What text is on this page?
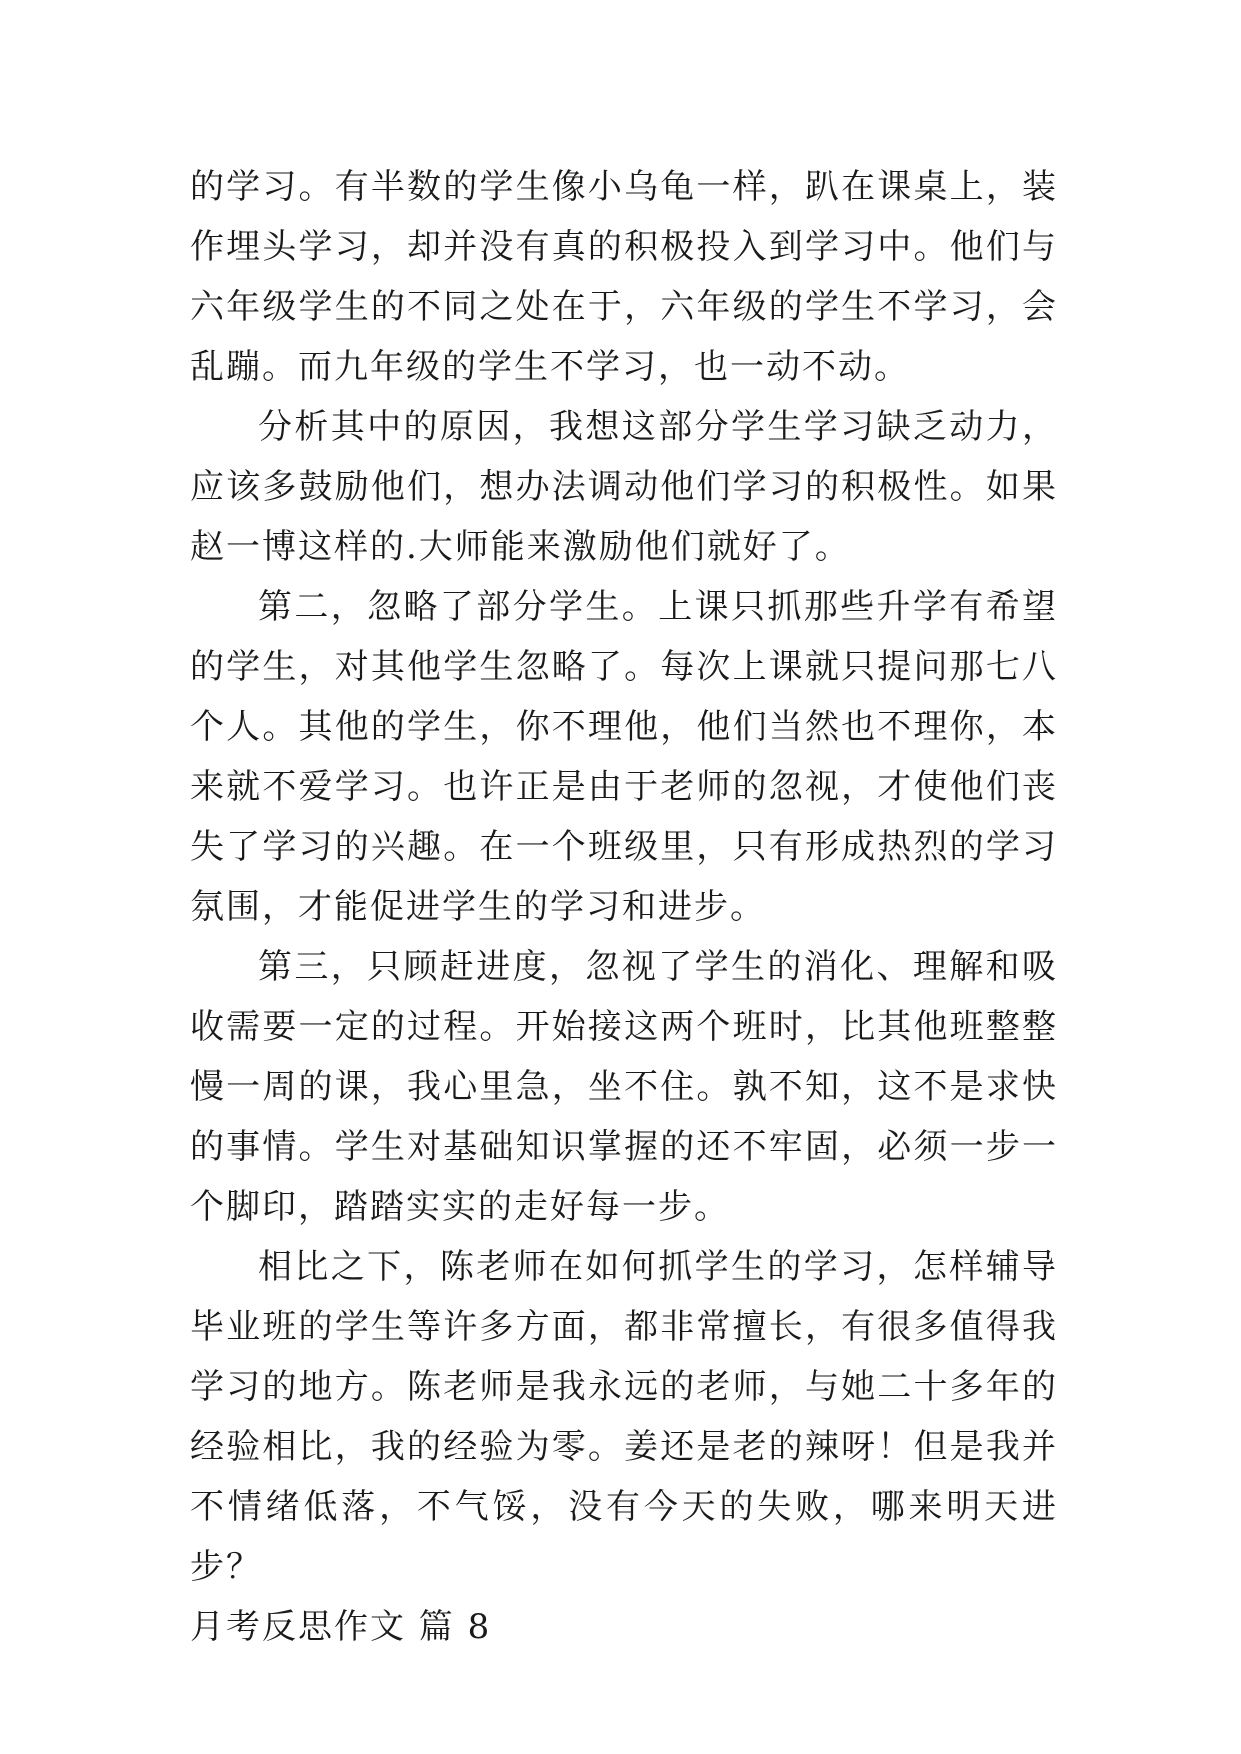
的学习。有半数的学生像小乌龟一样，趴在课桌上，装作埋头学习，却并没有真的积极投入到学习中。他们与六年级学生的不同之处在于，六年级的学生不学习，会乱蹦。而九年级的学生不学习，也一动不动。

分析其中的原因，我想这部分学生学习缺乏动力，应该多鼓励他们，想办法调动他们学习的积极性。如果赵一博这样的.大师能来激励他们就好了。

第二，忽略了部分学生。上课只抓那些升学有希望的学生，对其他学生忽略了。每次上课就只提问那七八个人。其他的学生，你不理他，他们当然也不理你，本来就不爱学习。也许正是由于老师的忽视，才使他们丧失了学习的兴趣。在一个班级里，只有形成热烈的学习氛围，才能促进学生的学习和进步。

第三，只顾赶进度，忽视了学生的消化、理解和吸收需要一定的过程。开始接这两个班时，比其他班整整慢一周的课，我心里急，坐不住。孰不知，这不是求快的事情。学生对基础知识掌握的还不牢固，必须一步一个脚印，踏踏实实的走好每一步。

相比之下，陈老师在如何抓学生的学习，怎样辅导毕业班的学生等许多方面，都非常擅长，有很多值得我学习的地方。陈老师是我永远的老师，与她二十多年的经验相比，我的经验为零。姜还是老的辣呀！但是我并不情绪低落，不气馁，没有今天的失败，哪来明天进步？

月考反思作文 篇 8
